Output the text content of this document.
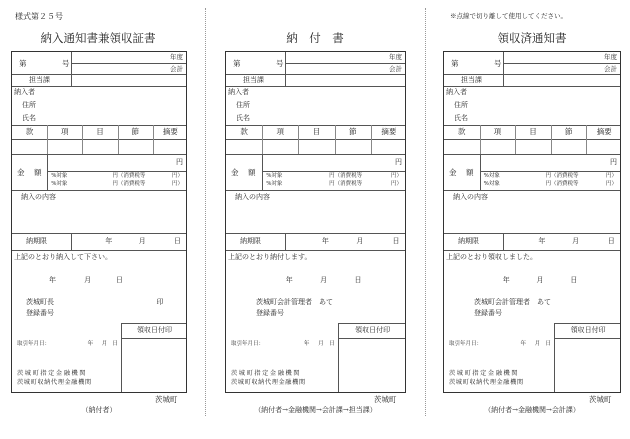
様式第２５号	※点線で切り離して使用してください。
納入通知書兼領収証書
第	号
年度
会計
担当課
納入者
住所
氏名
款	項	目	節	摘要
金 額
円
%対象	円（消費税等	円）
%対象	円（消費税等	円）
納入の内容
納期限	年	月	日
上記のとおり納入して下さい。
年	月	日
茨城町長	印
登録番号
領収日付印
取引年月日：	年 月 日
茨城町指定金融機関
茨城町収納代理金融機関
茨城町
（納付者）
納　付　書
第	号
年度
会計
担当課
納入者
住所
氏名
款	項	目	節	摘要
金 額
円
%対象	円（消費税等	円）
%対象	円（消費税等	円）
納入の内容
納期限	年	月	日
上記のとおり納付します。
年	月	日
茨城町会計管理者　あて
登録番号
領収日付印
取引年月日：	年 月 日
茨城町指定金融機関
茨城町収納代理金融機関
茨城町
（納付者→金融機関→会計課→担当課）
領収済通知書
第	号
年度
会計
担当課
納入者
住所
氏名
款	項	目	節	摘要
金 額
円
%対象	円（消費税等	円）
%対象	円（消費税等	円）
納入の内容
納期限	年	月	日
上記のとおり領収しました。
年	月	日
茨城町会計管理者　あて
登録番号
領収日付印
取引年月日：	年 月 日
茨城町指定金融機関
茨城町収納代理金融機関
茨城町
（納付者→金融機関→会計課）
